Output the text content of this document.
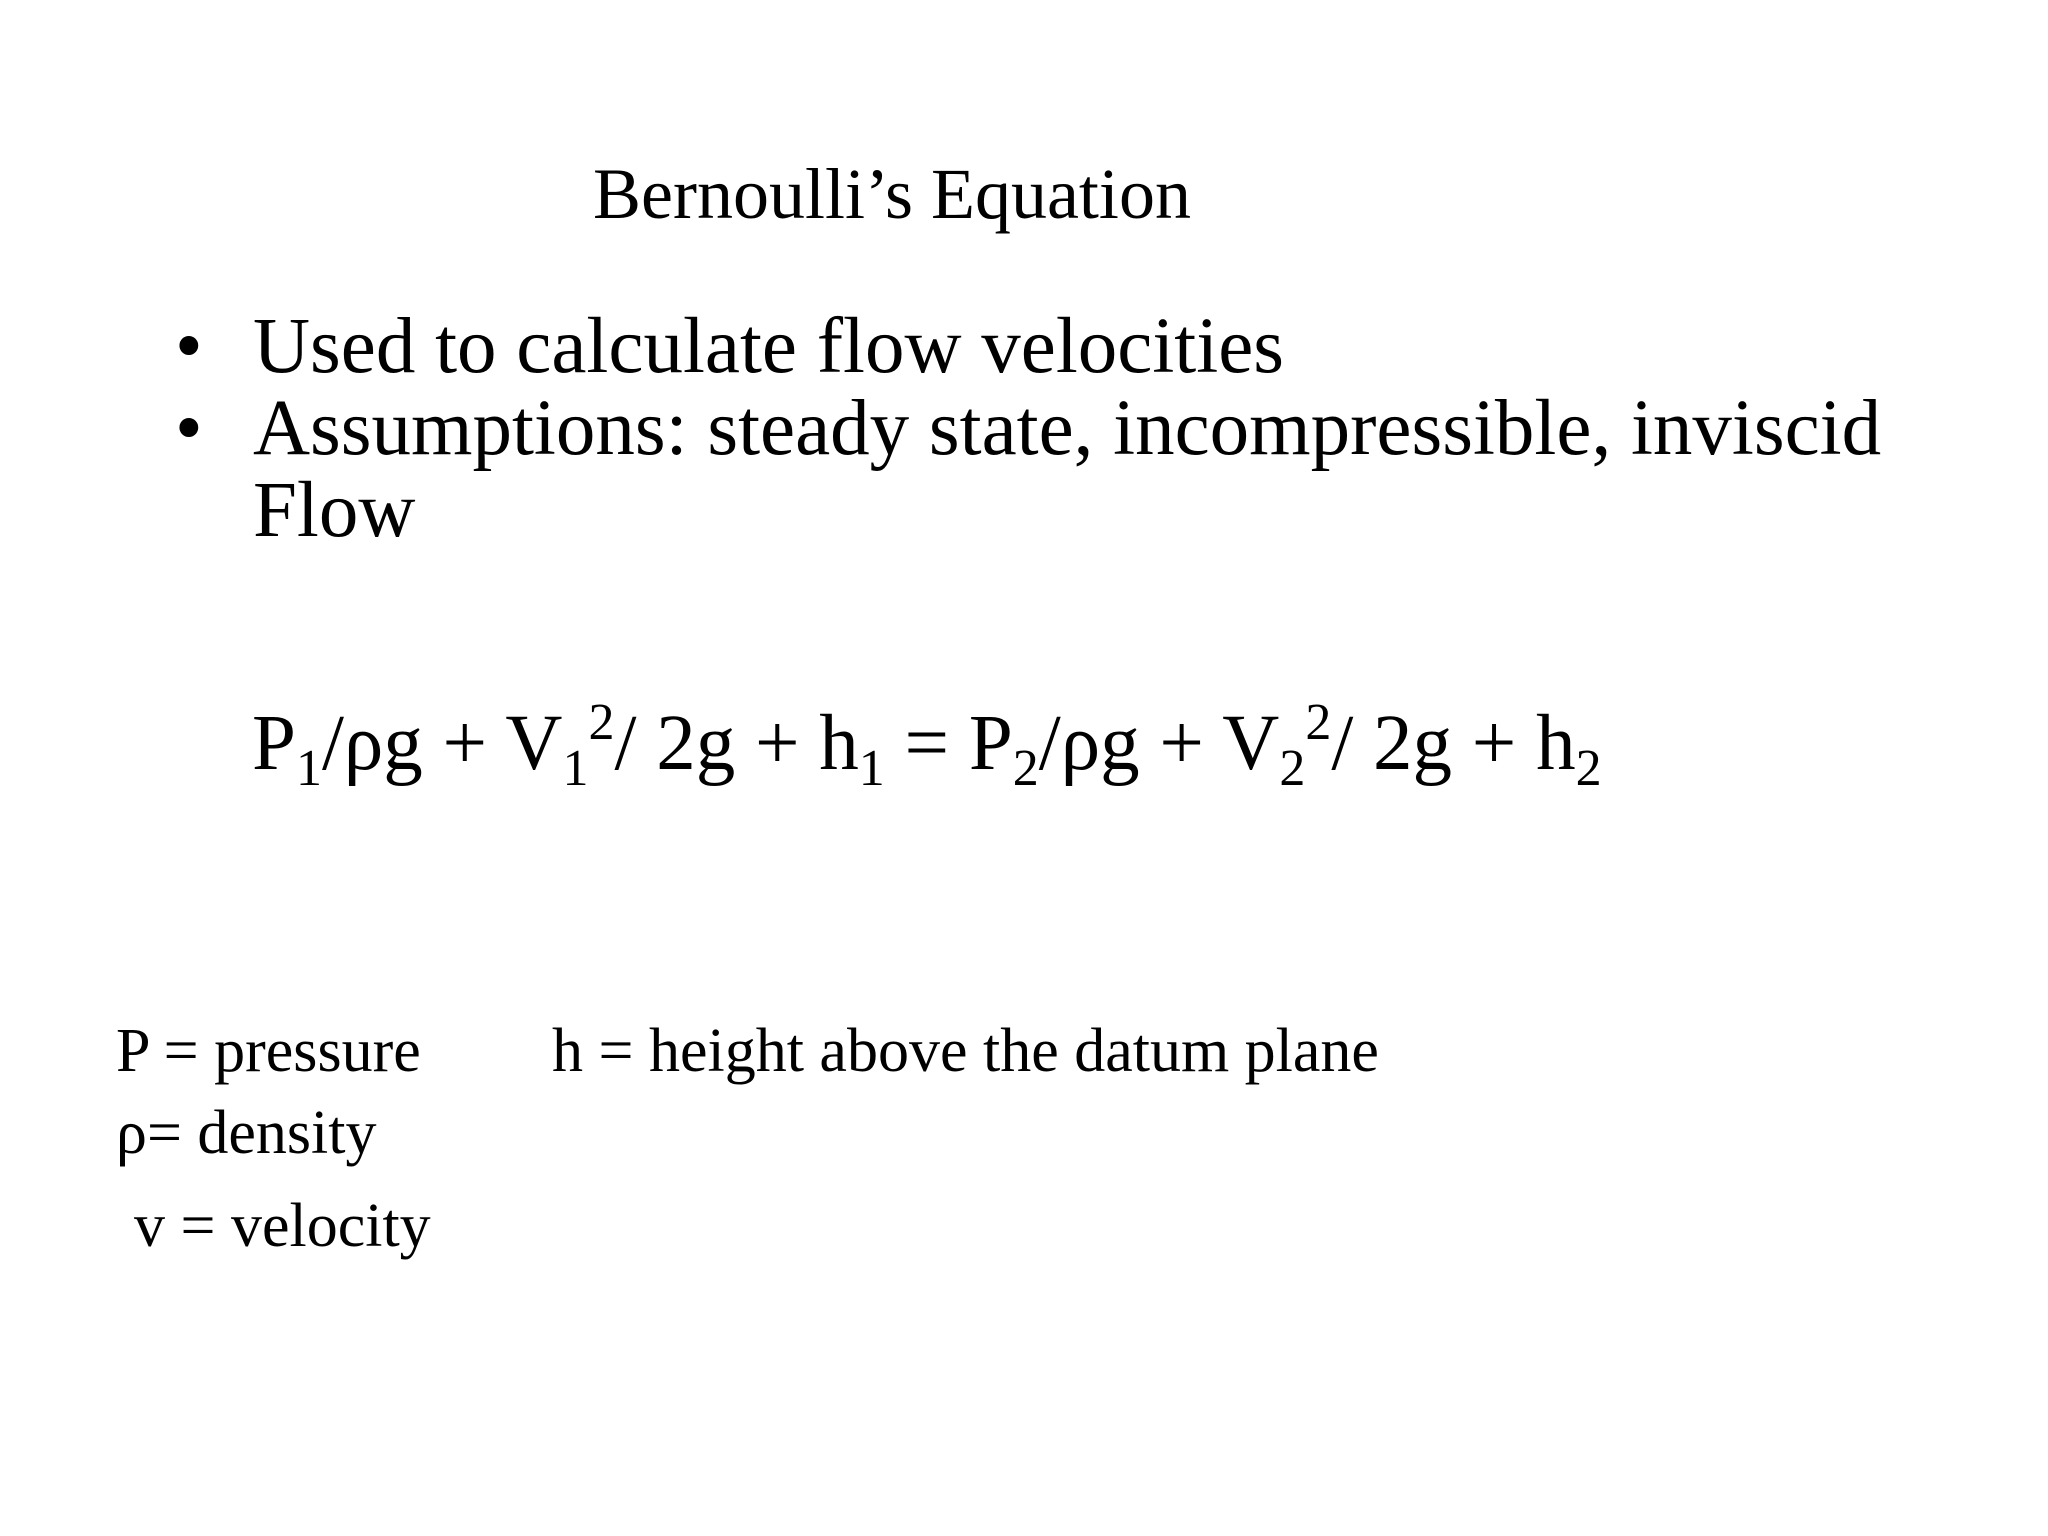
Bernoulli’s Equation
• Used to calculate flow velocities
• Assumptions: steady state, incompressible, inviscid
Flow
$P_1/\rho g + V_1^2/$ $2g + h_1 = P_2/\rho g + V_2^2/$ $2g + h_2$
P = pressure
ρ= density
v = velocity
h = height above the datum plane
